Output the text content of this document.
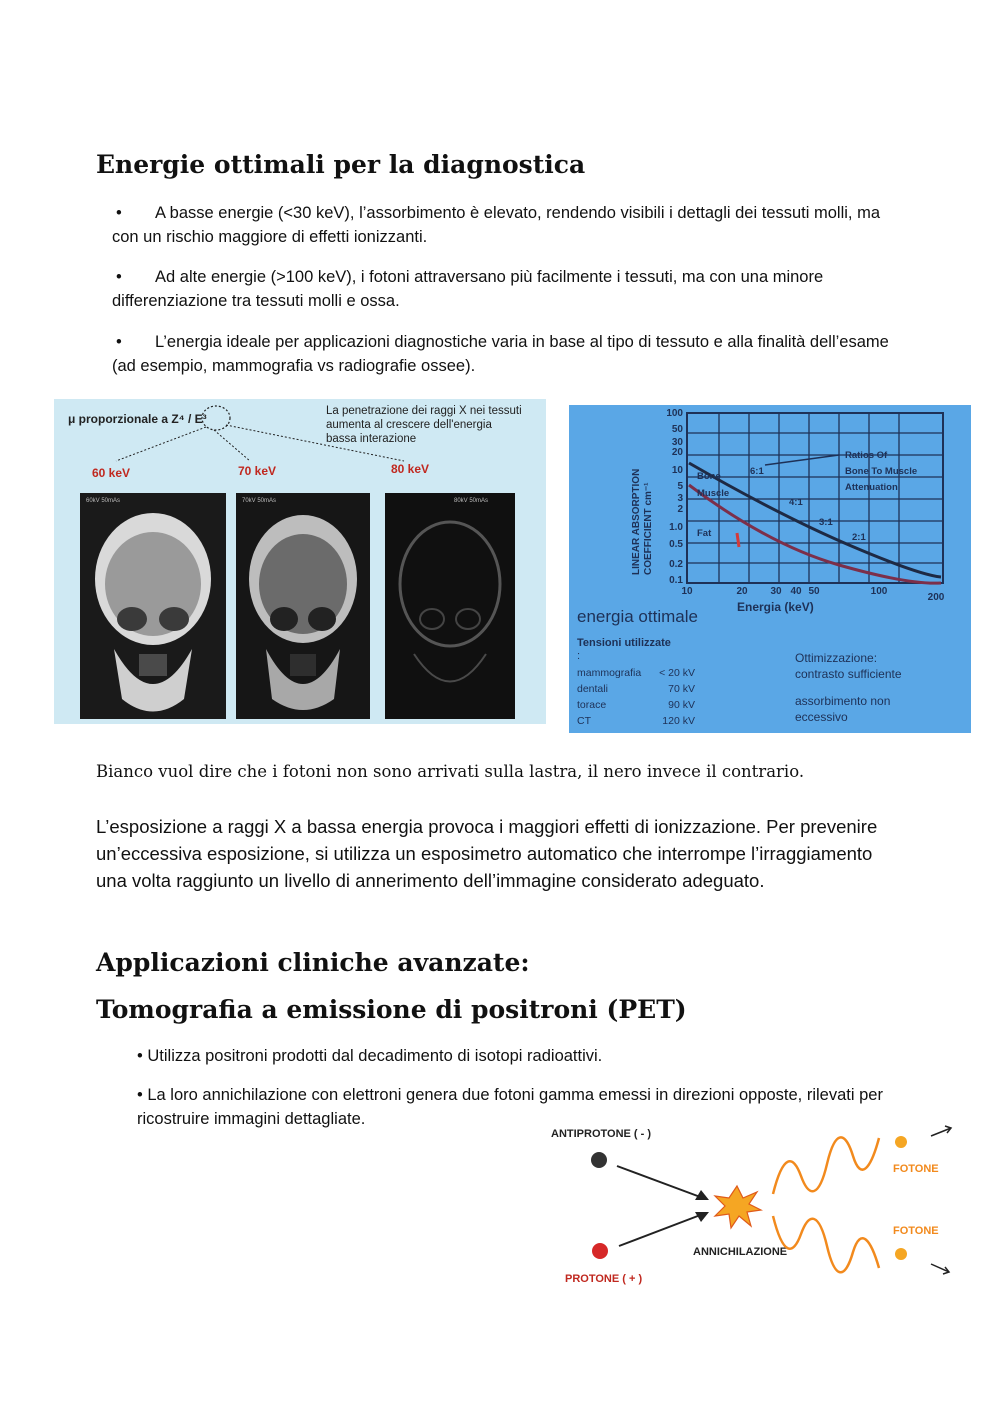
Energie ottimali per la diagnostica
•	A basse energie (<30 keV), l’assorbimento è elevato, rendendo visibili i dettagli dei tessuti molli, ma con un rischio maggiore di effetti ionizzanti.
•	Ad alte energie (>100 keV), i fotoni attraversano più facilmente i tessuti, ma con una minore differenziazione tra tessuti molli e ossa.
•	L’energia ideale per applicazioni diagnostiche varia in base al tipo di tessuto e alla finalità dell’esame (ad esempio, mammografia vs radiografie ossee).
μ proporzionale a Z⁴ / E³
La penetrazione dei raggi X nei tessuti
aumenta al crescere dell'energia
bassa interazione
60 keV	70 keV	80 keV
60kV 50mAs	70kV 50mAs	80kV 50mAs
100
50
30
20
10
5
3
2
1.0
0.5
0.2
0.1
10	20 30 40 50	100
200
LINEAR ABSORPTION COEFFICIENT cm⁻¹
Energia (keV)
Bone
Muscle
Fat
Ratios Of
Bone To Muscle
Attenuation
6:1
4:1
3:1
2:1
energia ottimale
Tensioni utilizzate
:
mammografia < 20 kV
dentali	70 kV
torace	90 kV
CT	120 kV
Ottimizzazione:
contrasto sufficiente
assorbimento non
eccessivo

Bianco vuol dire che i fotoni non sono arrivati sulla lastra, il nero invece il contrario.

L’esposizione a raggi X a bassa energia provoca i maggiori effetti di ionizzazione. Per prevenire un’eccessiva esposizione, si utilizza un esposimetro automatico che interrompe l’irraggiamento una volta raggiunto un livello di annerimento dell’immagine considerato adeguato.

Applicazioni cliniche avanzate:
Tomografia a emissione di positroni (PET)
• Utilizza positroni prodotti dal decadimento di isotopi radioattivi.
• La loro annichilazione con elettroni genera due fotoni gamma emessi in direzioni opposte, rilevati per ricostruire immagini dettagliate.
ANTIPROTONE ( - )
PROTONE ( + )
ANNICHILAZIONE
FOTONE
FOTONE
